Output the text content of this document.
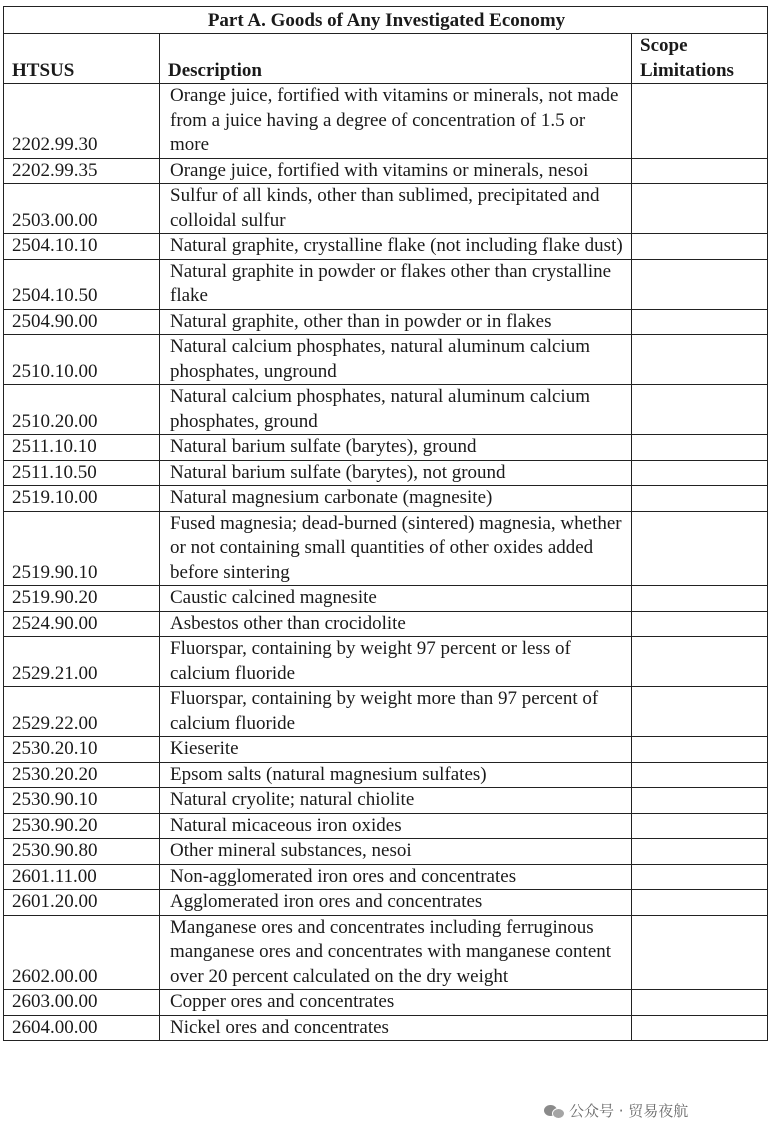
Part A. Goods of Any Investigated Economy		
HTSUS	Description	Scope Limitations
2202.99.30	Orange juice, fortified with vitamins or minerals, not made from a juice having a degree of concentration of 1.5 or more	
2202.99.35	Orange juice, fortified with vitamins or minerals, nesoi	
2503.00.00	Sulfur of all kinds, other than sublimed, precipitated and colloidal sulfur	
2504.10.10	Natural graphite, crystalline flake (not including flake dust)	
2504.10.50	Natural graphite in powder or flakes other than crystalline flake	
2504.90.00	Natural graphite, other than in powder or in flakes	
2510.10.00	Natural calcium phosphates, natural aluminum calcium phosphates, unground	
2510.20.00	Natural calcium phosphates, natural aluminum calcium phosphates, ground	
2511.10.10	Natural barium sulfate (barytes), ground	
2511.10.50	Natural barium sulfate (barytes), not ground	
2519.10.00	Natural magnesium carbonate (magnesite)	
2519.90.10	Fused magnesia; dead-burned (sintered) magnesia, whether or not containing small quantities of other oxides added before sintering	
2519.90.20	Caustic calcined magnesite	
2524.90.00	Asbestos other than crocidolite	
2529.21.00	Fluorspar, containing by weight 97 percent or less of calcium fluoride	
2529.22.00	Fluorspar, containing by weight more than 97 percent of calcium fluoride	
2530.20.10	Kieserite	
2530.20.20	Epsom salts (natural magnesium sulfates)	
2530.90.10	Natural cryolite; natural chiolite	
2530.90.20	Natural micaceous iron oxides	
2530.90.80	Other mineral substances, nesoi	
2601.11.00	Non-agglomerated iron ores and concentrates	
2601.20.00	Agglomerated iron ores and concentrates	
2602.00.00	Manganese ores and concentrates including ferruginous manganese ores and concentrates with manganese content over 20 percent calculated on the dry weight	
2603.00.00	Copper ores and concentrates	
2604.00.00	Nickel ores and concentrates	
公众号 · 贸易夜航
